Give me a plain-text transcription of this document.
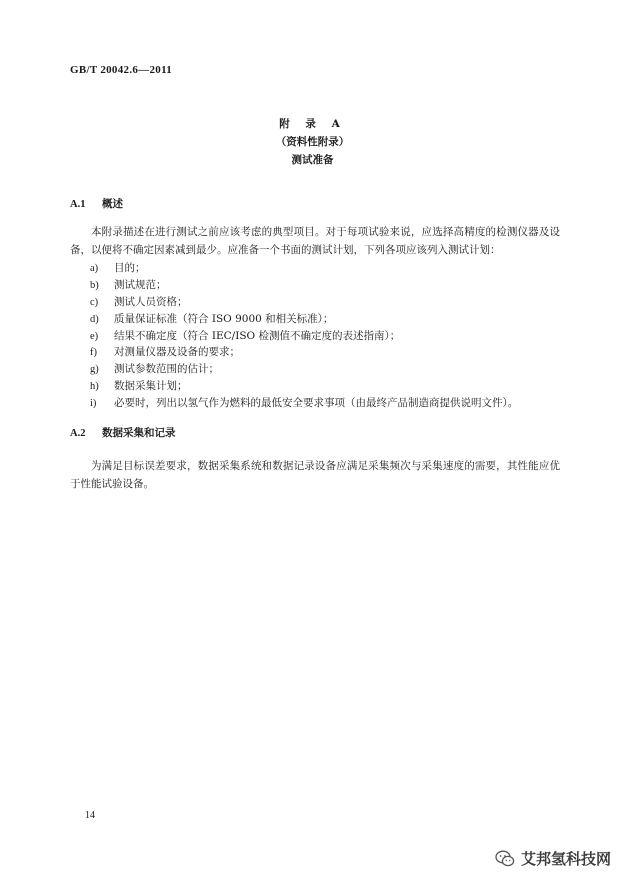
GB/T 20042.6—2011
附 录 A
（资料性附录）
测试准备
A.1 概述

本附录描述在进行测试之前应该考虑的典型项目。对于每项试验来说，应选择高精度的检测仪器及设备，以便将不确定因素减到最少。应准备一个书面的测试计划，下列各项应该列入测试计划：

a) 目的；
b) 测试规范；
c) 测试人员资格；
d) 质量保证标准（符合 ISO 9000 和相关标准）；
e) 结果不确定度（符合 IEC/ISO 检测值不确定度的表述指南）；
f) 对测量仪器及设备的要求；
g) 测试参数范围的估计；
h) 数据采集计划；
i) 必要时，列出以氢气作为燃料的最低安全要求事项（由最终产品制造商提供说明文件）。
A.2 数据采集和记录

为满足目标误差要求，数据采集系统和数据记录设备应满足采集频次与采集速度的需要，其性能应优于性能试验设备。

14
艾邦氢科技网
